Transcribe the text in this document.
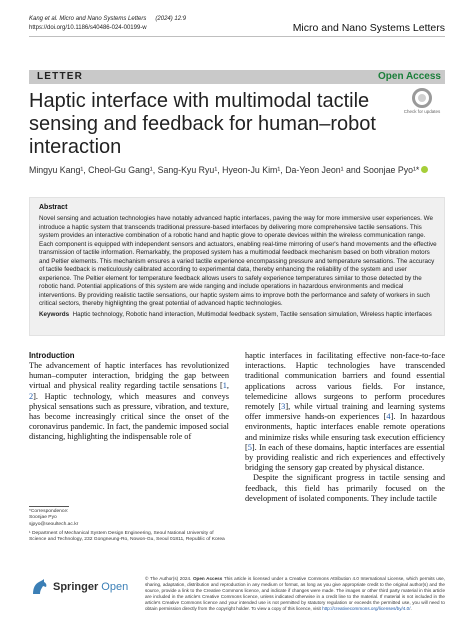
Kang et al. Micro and Nano Systems Letters (2024) 12:9
https://doi.org/10.1186/s40486-024-00199-w	Micro and Nano Systems Letters
LETTER	Open Access
Check for updates
Haptic interface with multimodal tactile sensing and feedback for human–robot interaction
Mingyu Kang¹, Cheol-Gu Gang¹, Sang-Kyu Ryu¹, Hyeon-Ju Kim¹, Da-Yeon Jeon¹ and Soonjae Pyo¹*
Abstract
Novel sensing and actuation technologies have notably advanced haptic interfaces, paving the way for more immersive user experiences. We introduce a haptic system that transcends traditional pressure-based interfaces by delivering more comprehensive tactile sensations. This system provides an interactive combination of a robotic hand and haptic glove to operate devices within the wireless communication range. Each component is equipped with independent sensors and actuators, enabling real-time mirroring of user's hand movements and the effective transmission of tactile information. Remarkably, the proposed system has a multimodal feedback mechanism based on both vibration motors and Peltier elements. This mechanism ensures a varied tactile experience encompassing pressure and temperature sensations. The accuracy of tactile feedback is meticulously calibrated according to experimental data, thereby enhancing the reliability of the system and user experience. The Peltier element for temperature feedback allows users to safely experience temperatures similar to those detected by the robotic hand. Potential applications of this system are wide ranging and include operations in hazardous environments and medical interventions. By providing realistic tactile sensations, our haptic system aims to improve both the performance and safety of workers in such critical sectors, thereby highlighting the great potential of advanced haptic technologies.
Keywords Haptic technology, Robotic hand interaction, Multimodal feedback system, Tactile sensation simulation, Wireless haptic interfaces
Introduction

The advancement of haptic interfaces has revolutionized human–computer interaction, bridging the gap between virtual and physical reality regarding tactile sensations [1, 2]. Haptic technology, which measures and conveys physical sensations such as pressure, vibration, and texture, has become increasingly critical since the onset of the coronavirus pandemic. In fact, the pandemic imposed social distancing, highlighting the indispensable role of

haptic interfaces in facilitating effective non-face-to-face interactions. Haptic technologies have transcended traditional communication barriers and found essential applications across various fields. For instance, telemedicine allows surgeons to perform procedures remotely [3], while virtual training and learning systems offer immersive hands-on experiences [4]. In hazardous environments, haptic interfaces enable remote operations and minimize risks while ensuring task execution efficiency [5]. In each of these domains, haptic interfaces are essential by providing realistic and rich experiences and effectively bridging the sensory gap created by physical distance.

Despite the significant progress in tactile sensing and feedback, this field has primarily focused on the development of isolated components. They include tactile

*Correspondence:
Soonjae Pyo
sjpyo@seoultech.ac.kr
¹ Department of Mechanical System Design Engineering, Seoul National University of Science and Technology, 232 Gongneung-Ro, Nowon-Gu, Seoul 01811, Republic of Korea
Springer Open
© The Author(s) 2024. Open Access This article is licensed under a Creative Commons Attribution 4.0 International License, which permits use, sharing, adaptation, distribution and reproduction in any medium or format, as long as you give appropriate credit to the original author(s) and the source, provide a link to the Creative Commons licence, and indicate if changes were made. The images or other third party material in this article are included in the article's Creative Commons licence, unless indicated otherwise in a credit line to the material. If material is not included in the article's Creative Commons licence and your intended use is not permitted by statutory regulation or exceeds the permitted use, you will need to obtain permission directly from the copyright holder. To view a copy of this licence, visit http://creativecommons.org/licenses/by/4.0/.
